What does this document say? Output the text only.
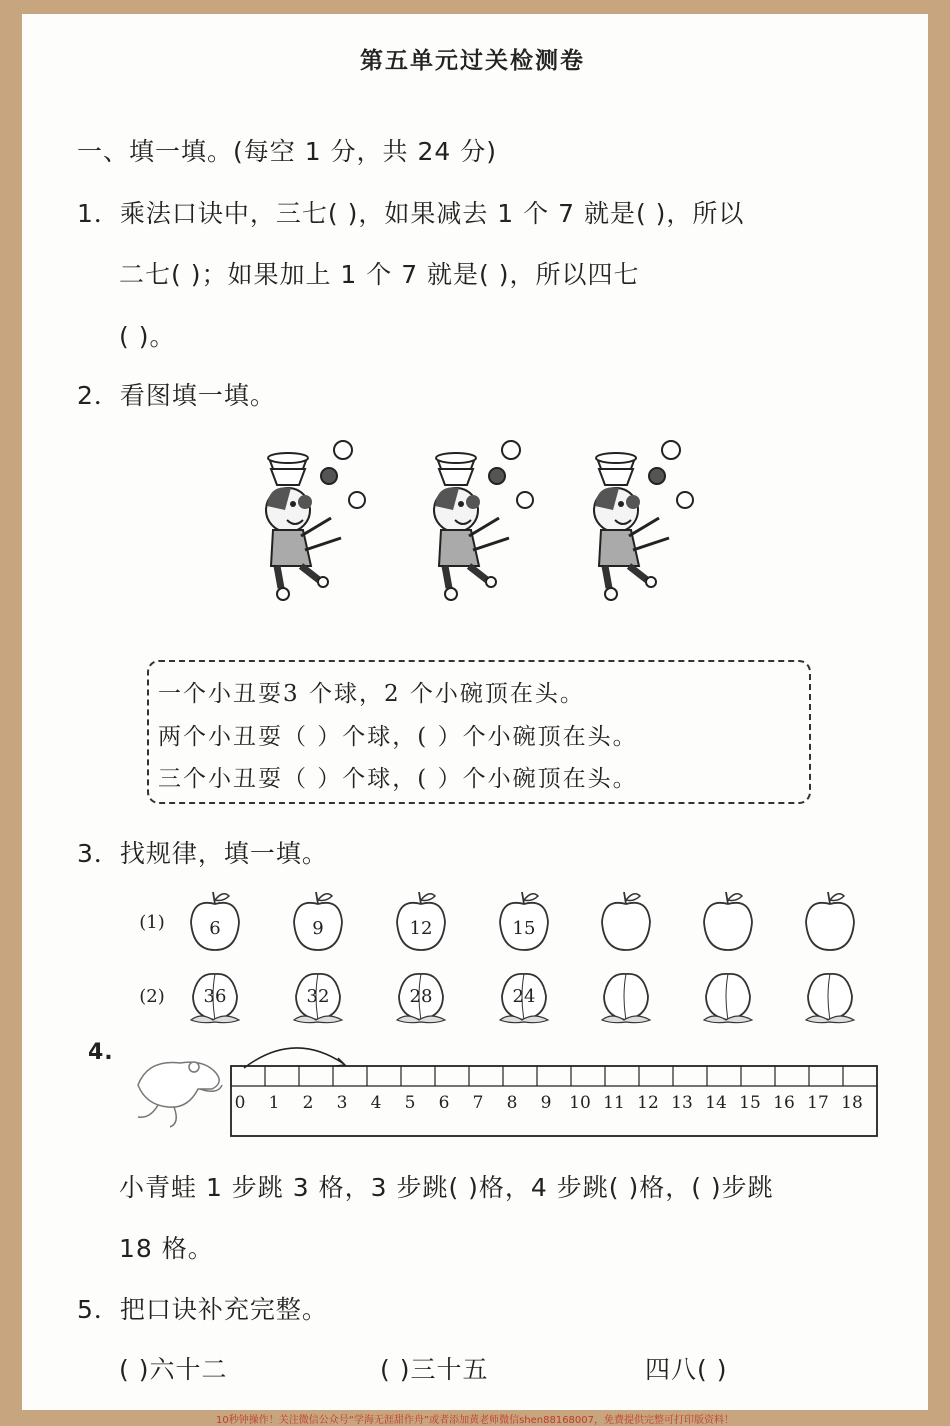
第五单元过关检测卷
一、填一填。(每空 1 分，共 24 分)
1．乘法口诀中，三七( )，如果减去 1 个 7 就是( )，所以
二七( )；如果加上 1 个 7 就是( )，所以四七
( )。
2．看图填一填。
一个小丑耍3 个球，2 个小碗顶在头。
两个小丑耍（ ）个球，( ）个小碗顶在头。
三个小丑耍（ ）个球，( ）个小碗顶在头。
3．找规律，填一填。
(1)	6	9	12	15
(2)	36	32	28	24
4.
0 1 2 3 4 5 6 7 8 9 10 11 12 13 14 15 16 17 18
小青蛙 1 步跳 3 格，3 步跳( )格，4 步跳( )格，( )步跳
18 格。
5．把口诀补充完整。
( )六十二	( )三十五	四八( )
10秒钟操作！关注微信公众号“学海无涯甜作舟”或者添加黄老师微信shen88168007，免费提供完整可打印版资料！
